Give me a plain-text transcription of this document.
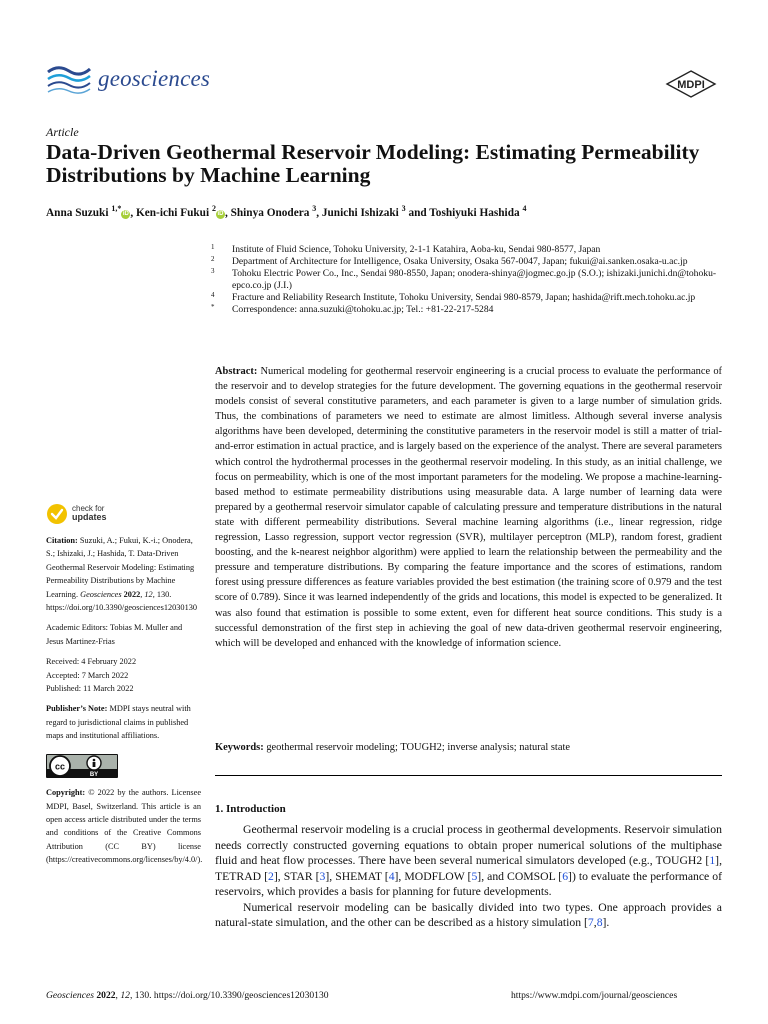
geosciences	MDPI
Article
Data-Driven Geothermal Reservoir Modeling: Estimating Permeability Distributions by Machine Learning
Anna Suzuki $^{1,*}$iD , Ken-ichi Fukui $^2$iD , Shinya Onodera $^3$, Junichi Ishizaki $^3$ and Toshiyuki Hashida $^4$
1 Institute of Fluid Science, Tohoku University, 2-1-1 Katahira, Aoba-ku, Sendai 980-8577, Japan
2 Department of Architecture for Intelligence, Osaka University, Osaka 567-0047, Japan; fukui@ai.sanken.osaka-u.ac.jp
3 Tohoku Electric Power Co., Inc., Sendai 980-8550, Japan; onodera-shinya@jogmec.go.jp (S.O.); ishizaki.junichi.dn@tohoku-epco.co.jp (J.I.)
4 Fracture and Reliability Research Institute, Tohoku University, Sendai 980-8579, Japan; hashida@rift.mech.tohoku.ac.jp
* Correspondence: anna.suzuki@tohoku.ac.jp; Tel.: +81-22-217-5284
Abstract: Numerical modeling for geothermal reservoir engineering is a crucial process to evaluate the performance of the reservoir and to develop strategies for the future development. The governing equations in the geothermal reservoir models consist of several constitutive parameters, and each parameter is given to a large number of simulation grids. Thus, the combinations of parameters we need to estimate are almost limitless. Although several inverse analysis algorithms have been developed, determining the constitutive parameters in the reservoir model is still a matter of trial-and-error estimation in actual practice, and is largely based on the experience of the analyst. There are several parameters which control the hydrothermal processes in the geothermal reservoir modeling. In this study, as an initial challenge, we focus on permeability, which is one of the most important parameters for the modeling. We propose a machine-learning-based method to estimate permeability distributions using measurable data. A large number of learning data were prepared by a geothermal reservoir simulator capable of calculating pressure and temperature distributions in the natural state with different permeability distributions. Several machine learning algorithms (i.e., linear regression, ridge regression, Lasso regression, support vector regression (SVR), multilayer perceptron (MLP), random forest, gradient boosting, and the k-nearest neighbor algorithm) were applied to learn the relationship between the permeability and the pressure and temperature distributions. By comparing the feature importance and the scores of estimations, random forest using pressure differences as feature variables provided the best estimation (the training score of 0.979 and the test score of 0.789). Since it was learned independently of the grids and locations, this model is expected to be generalized. It was also found that estimation is possible to some extent, even for different heat source conditions. This study is a successful demonstration of the first step in achieving the goal of new data-driven geothermal reservoir engineering, which will be developed and enhanced with the knowledge of information science.
Keywords: geothermal reservoir modeling; TOUGH2; inverse analysis; natural state
1. Introduction

Geothermal reservoir modeling is a crucial process in geothermal developments. Reservoir simulation needs correctly constructed governing equations to obtain proper numerical solutions of the multiphase fluid and heat flow processes. There have been several numerical simulators developed (e.g., TOUGH2 [1], TETRAD [2], STAR [3], SHEMAT [4], MODFLOW [5], and COMSOL [6]) to evaluate the performance of reservoirs, which provides a basis for planning for future developments.

Numerical reservoir modeling can be basically divided into two types. One approach provides a natural-state simulation, and the other can be described as a history simulation [7,8].

check for
updates
Citation: Suzuki, A.; Fukui, K.-i.; Onodera, S.; Ishizaki, J.; Hashida, T. Data-Driven Geothermal Reservoir Modeling: Estimating Permeability Distributions by Machine Learning. Geosciences 2022, 12, 130. https://doi.org/10.3390/geosciences12030130
Academic Editors: Tobias M. Muller and Jesus Martinez-Frias
Received: 4 February 2022
Accepted: 7 March 2022
Published: 11 March 2022
Publisher’s Note: MDPI stays neutral with regard to jurisdictional claims in published maps and institutional affiliations.
cc
BY
Copyright: © 2022 by the authors. Licensee MDPI, Basel, Switzerland. This article is an open access article distributed under the terms and conditions of the Creative Commons Attribution (CC BY) license (https://creativecommons.org/licenses/by/4.0/).
Geosciences 2022, 12, 130. https://doi.org/10.3390/geosciences12030130	https://www.mdpi.com/journal/geosciences
